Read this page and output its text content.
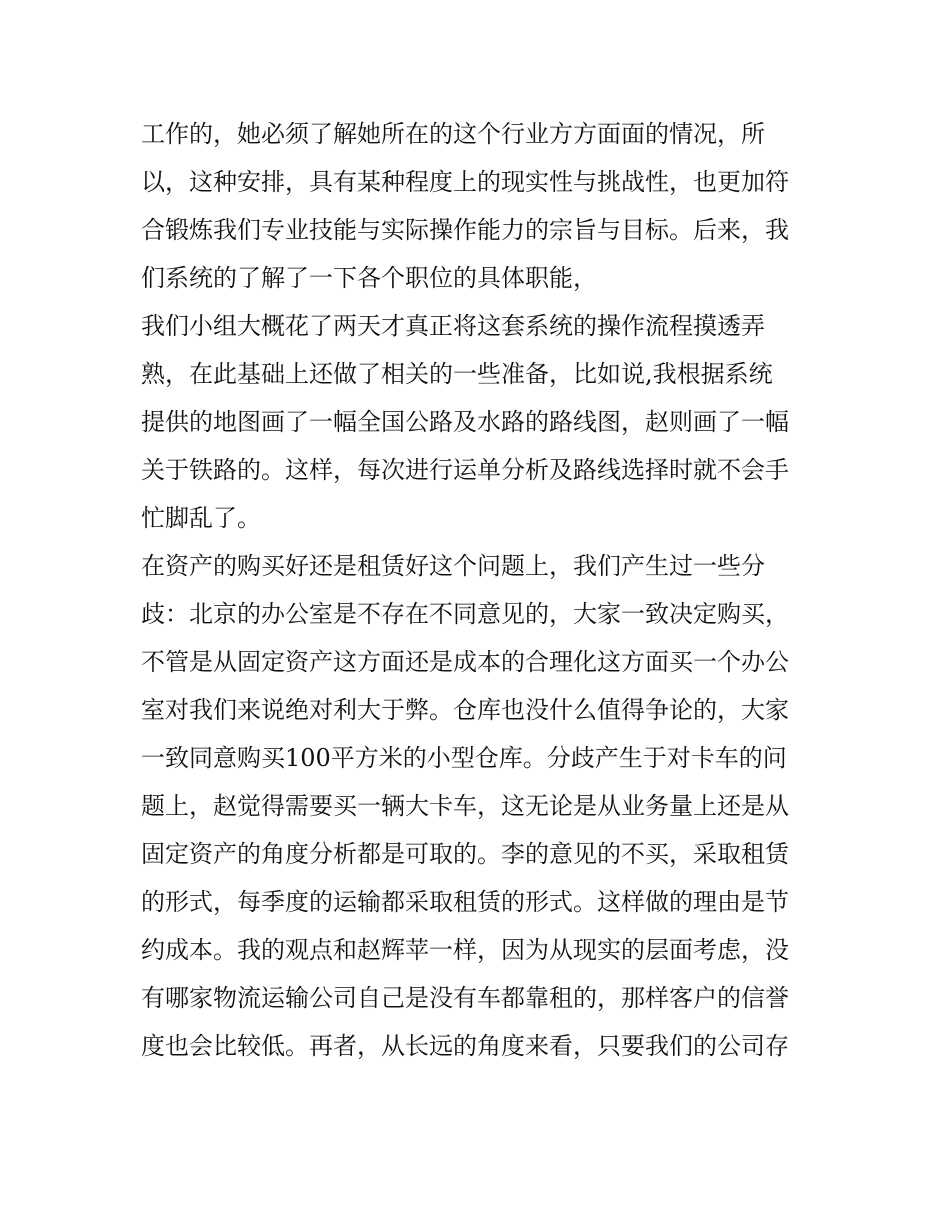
工作的，她必须了解她所在的这个行业方方面面的情况，所
以，这种安排，具有某种程度上的现实性与挑战性，也更加符
合锻炼我们专业技能与实际操作能力的宗旨与目标。后来，我
们系统的了解了一下各个职位的具体职能，
我们小组大概花了两天才真正将这套系统的操作流程摸透弄
熟，在此基础上还做了相关的一些准备，比如说,我根据系统
提供的地图画了一幅全国公路及水路的路线图，赵则画了一幅
关于铁路的。这样，每次进行运单分析及路线选择时就不会手
忙脚乱了。
在资产的购买好还是租赁好这个问题上，我们产生过一些分
歧：北京的办公室是不存在不同意见的，大家一致决定购买，
不管是从固定资产这方面还是成本的合理化这方面买一个办公
室对我们来说绝对利大于弊。仓库也没什么值得争论的，大家
一致同意购买100平方米的小型仓库。分歧产生于对卡车的问
题上，赵觉得需要买一辆大卡车，这无论是从业务量上还是从
固定资产的角度分析都是可取的。李的意见的不买，采取租赁
的形式，每季度的运输都采取租赁的形式。这样做的理由是节
约成本。我的观点和赵辉苹一样，因为从现实的层面考虑，没
有哪家物流运输公司自己是没有车都靠租的，那样客户的信誉
度也会比较低。再者，从长远的角度来看，只要我们的公司存
